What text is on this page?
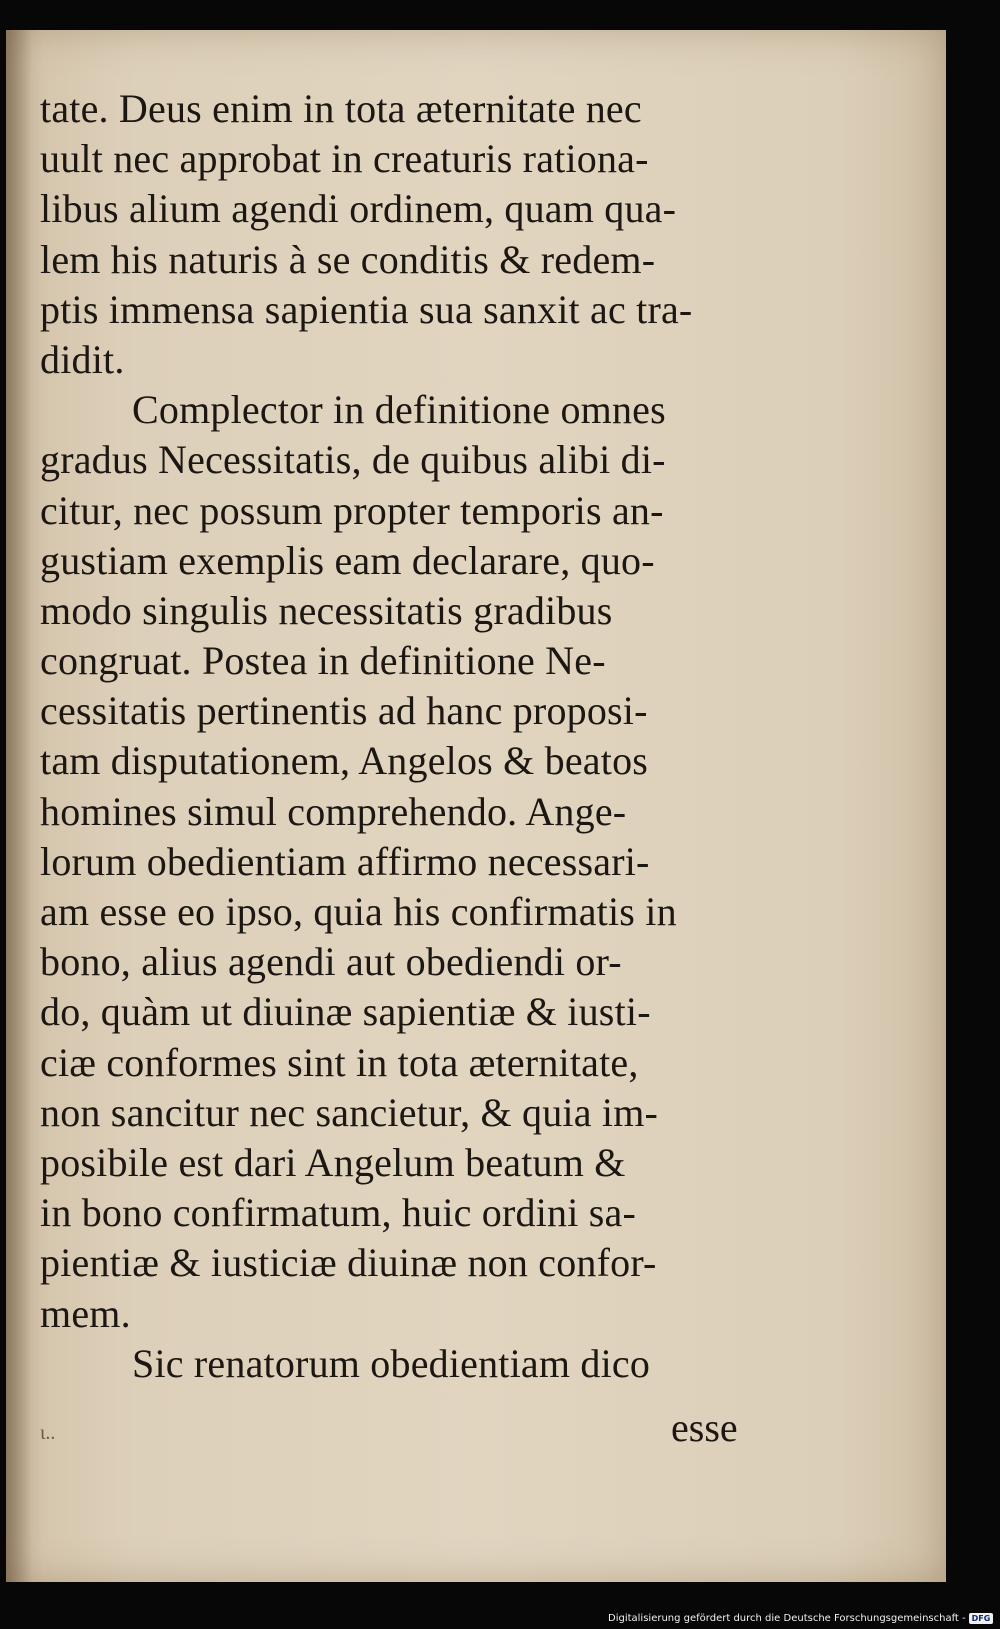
tate. Deus enim in tota æternitate nec
uult nec approbat in creaturis rationa-
libus alium agendi ordinem, quam qua-
lem his naturis à se conditis & redem-
ptis immensa sapientia sua sanxit ac tra-
didit.
Complector in definitione omnes
gradus Necessitatis, de quibus alibi di-
citur, nec possum propter temporis an-
gustiam exemplis eam declarare, quo-
modo singulis necessitatis gradibus
congruat. Postea in definitione Ne-
cessitatis pertinentis ad hanc proposi-
tam disputationem, Angelos & beatos
homines simul comprehendo. Ange-
lorum obedientiam affirmo necessari-
am esse eo ipso, quia his confirmatis in
bono, alius agendi aut obediendi or-
do, quàm ut diuinæ sapientiæ & iusti-
ciæ conformes sint in tota æternitate,
non sancitur nec sancietur, & quia im-
posibile est dari Angelum beatum &
in bono confirmatum, huic ordini sa-
pientiæ & iusticiæ diuinæ non confor-
mem.
Sic renatorum obedientiam dico
ɩ..	esse
Digitalisierung gefördert durch die Deutsche Forschungsgemeinschaft - DFG
